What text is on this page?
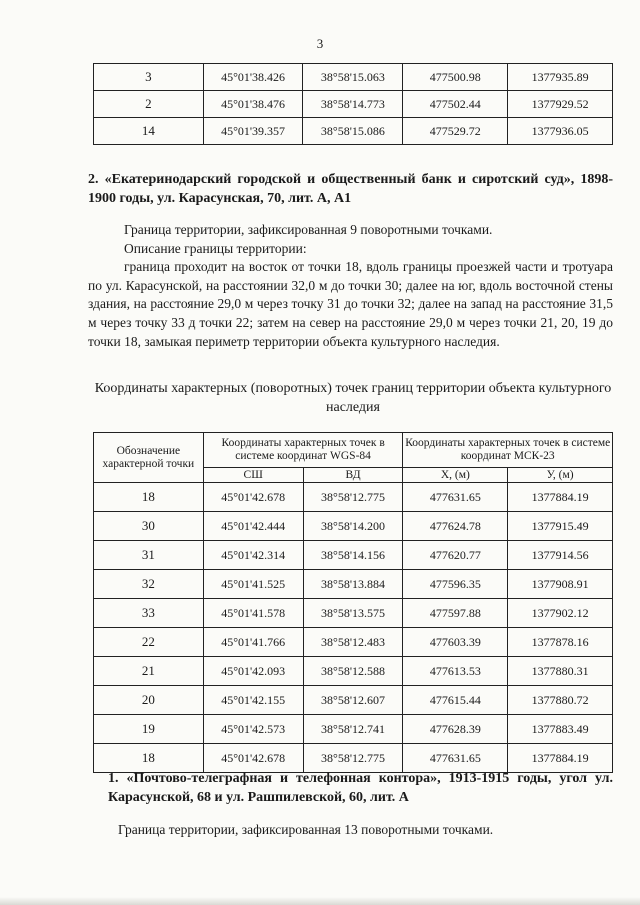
3
3	45°01'38.426	38°58'15.063	477500.98	1377935.89
2	45°01'38.476	38°58'14.773	477502.44	1377929.52
14	45°01'39.357	38°58'15.086	477529.72	1377936.05
2. «Екатеринодарский городской и общественный банк и сиротский суд», 1898-1900 годы, ул. Карасунская, 70, лит. А, А1

Граница территории, зафиксированная 9 поворотными точками.

Описание границы территории:

граница проходит на восток от точки 18, вдоль границы проезжей части и тротуара по ул. Карасунской, на расстоянии 32,0 м до точки 30; далее на юг, вдоль восточной стены здания, на расстояние 29,0 м через точку 31 до точки 32; далее на запад на расстояние 31,5 м через точку 33 д точки 22; затем на север на расстояние 29,0 м через точки 21, 20, 19 до точки 18, замыкая периметр территории объекта культурного наследия.

Координаты характерных (поворотных) точек границ территории объекта культурного наследия
Обозначение характерной точки	Координаты характерных точек в системе координат WGS-84		Координаты характерных точек в системе координат МСК-23	
	СШ	ВД	X, (м)	У, (м)
18	45°01'42.678	38°58'12.775	477631.65	1377884.19
30	45°01'42.444	38°58'14.200	477624.78	1377915.49
31	45°01'42.314	38°58'14.156	477620.77	1377914.56
32	45°01'41.525	38°58'13.884	477596.35	1377908.91
33	45°01'41.578	38°58'13.575	477597.88	1377902.12
22	45°01'41.766	38°58'12.483	477603.39	1377878.16
21	45°01'42.093	38°58'12.588	477613.53	1377880.31
20	45°01'42.155	38°58'12.607	477615.44	1377880.72
19	45°01'42.573	38°58'12.741	477628.39	1377883.49
18	45°01'42.678	38°58'12.775	477631.65	1377884.19
1. «Почтово-телеграфная и телефонная контора», 1913-1915 годы, угол ул. Карасунской, 68 и ул. Рашпилевской, 60, лит. А
Граница территории, зафиксированная 13 поворотными точками.
